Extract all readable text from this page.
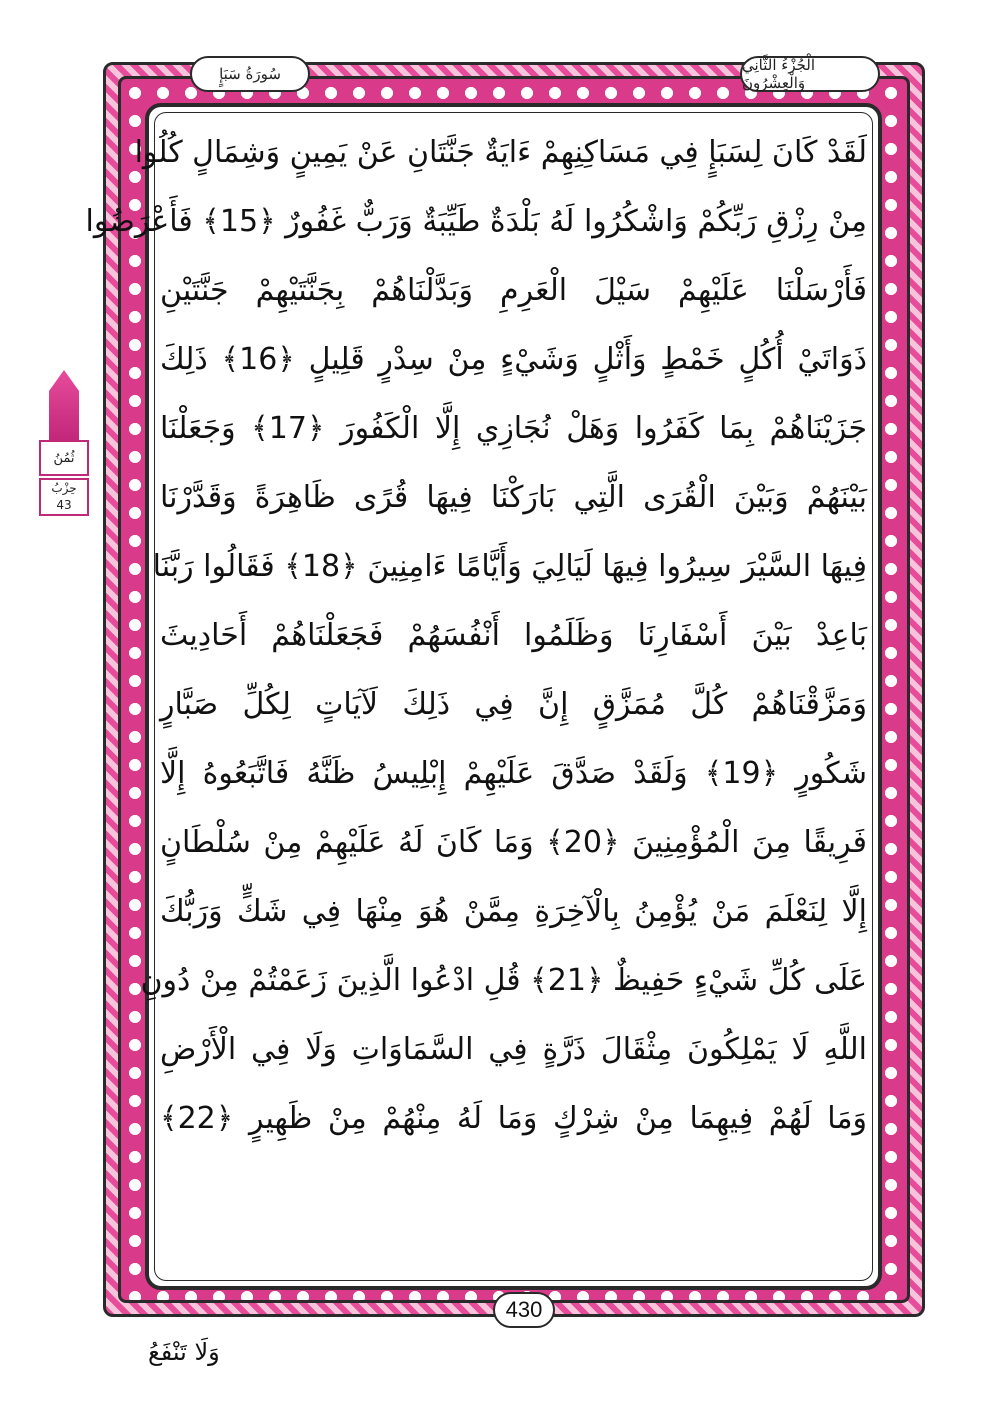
سُورَةُ سَبَإٍ	الْجُزْءُ الثَّانِي وَالْعِشْرُونَ
لَقَدْ كَانَ لِسَبَإٍ فِي مَسَاكِنِهِمْ ءَايَةٌ جَنَّتَانِ عَنْ يَمِينٍ وَشِمَالٍ كُلُوا
مِنْ رِزْقِ رَبِّكُمْ وَاشْكُرُوا لَهُ بَلْدَةٌ طَيِّبَةٌ وَرَبٌّ غَفُورٌ ﴿15﴾ فَأَعْرَضُوا
فَأَرْسَلْنَا عَلَيْهِمْ سَيْلَ الْعَرِمِ وَبَدَّلْنَاهُمْ بِجَنَّتَيْهِمْ جَنَّتَيْنِ
ذَوَاتَيْ أُكُلٍ خَمْطٍ وَأَثْلٍ وَشَيْءٍ مِنْ سِدْرٍ قَلِيلٍ ﴿16﴾ ذَلِكَ
جَزَيْنَاهُمْ بِمَا كَفَرُوا وَهَلْ نُجَازِي إِلَّا الْكَفُورَ ﴿17﴾ وَجَعَلْنَا
بَيْنَهُمْ وَبَيْنَ الْقُرَى الَّتِي بَارَكْنَا فِيهَا قُرًى ظَاهِرَةً وَقَدَّرْنَا
فِيهَا السَّيْرَ سِيرُوا فِيهَا لَيَالِيَ وَأَيَّامًا ءَامِنِينَ ﴿18﴾ فَقَالُوا رَبَّنَا
بَاعِدْ بَيْنَ أَسْفَارِنَا وَظَلَمُوا أَنْفُسَهُمْ فَجَعَلْنَاهُمْ أَحَادِيثَ
وَمَزَّقْنَاهُمْ كُلَّ مُمَزَّقٍ إِنَّ فِي ذَلِكَ لَآيَاتٍ لِكُلِّ صَبَّارٍ
شَكُورٍ ﴿19﴾ وَلَقَدْ صَدَّقَ عَلَيْهِمْ إِبْلِيسُ ظَنَّهُ فَاتَّبَعُوهُ إِلَّا
فَرِيقًا مِنَ الْمُؤْمِنِينَ ﴿20﴾ وَمَا كَانَ لَهُ عَلَيْهِمْ مِنْ سُلْطَانٍ
إِلَّا لِنَعْلَمَ مَنْ يُؤْمِنُ بِالْآخِرَةِ مِمَّنْ هُوَ مِنْهَا فِي شَكٍّ وَرَبُّكَ
عَلَى كُلِّ شَيْءٍ حَفِيظٌ ﴿21﴾ قُلِ ادْعُوا الَّذِينَ زَعَمْتُمْ مِنْ دُونِ
اللَّهِ لَا يَمْلِكُونَ مِثْقَالَ ذَرَّةٍ فِي السَّمَاوَاتِ وَلَا فِي الْأَرْضِ
وَمَا لَهُمْ فِيهِمَا مِنْ شِرْكٍ وَمَا لَهُ مِنْهُمْ مِنْ ظَهِيرٍ ﴿22﴾
ثُمُنُ
حِزْبُ
43
430
وَلَا تَنْفَعُ
